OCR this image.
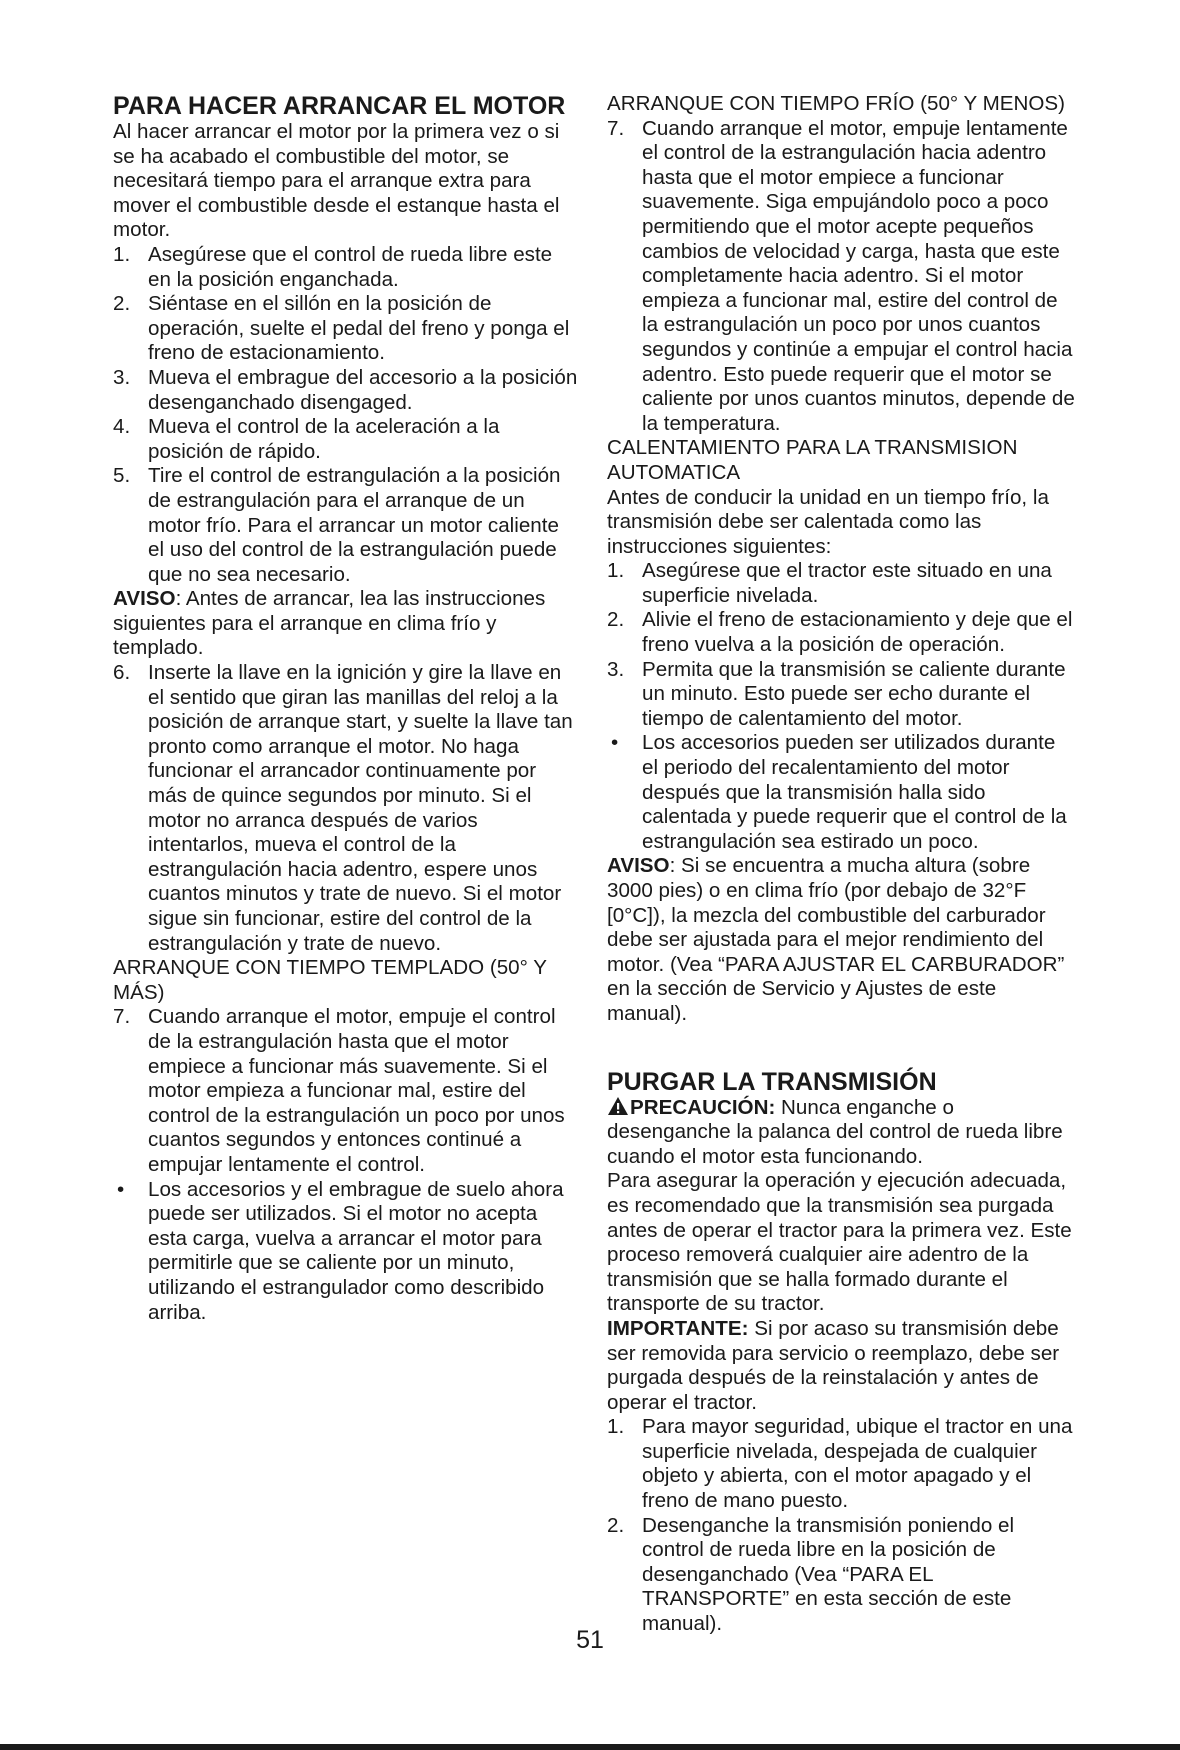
PARA HACER ARRANCAR EL MOTOR

Al hacer arrancar el motor por la primera vez o si se ha acabado el combustible del motor, se necesitará tiempo para el arranque extra para mover el combustible desde el estanque hasta el motor.

1. Asegúrese que el control de rueda libre este en la posición enganchada.
2. Siéntase en el sillón en la posición de operación, suelte el pedal del freno y ponga el freno de estacionamiento.
3. Mueva el embrague del accesorio a la posición desenganchado disengaged.
4. Mueva el control de la aceleración a la posición de rápido.
5. Tire el control de estrangulación a la posición de estrangulación para el arranque de un motor frío. Para el arrancar un motor caliente el uso del control de la estrangulación puede que no sea necesario.

AVISO: Antes de arrancar, lea las instrucciones siguientes para el arranque en clima frío y templado.

6. Inserte la llave en la ignición y gire la llave en el sentido que giran las manillas del reloj a la posición de arranque start, y suelte la llave tan pronto como arranque el motor. No haga funcionar el arrancador continuamente por más de quince segundos por minuto. Si el motor no arranca después de varios intentarlos, mueva el control de la estrangulación hacia adentro, espere unos cuantos minutos y trate de nuevo. Si el motor sigue sin funcionar, estire del control de la estrangulación y trate de nuevo.

ARRANQUE CON TIEMPO TEMPLADO (50° Y MÁS)

7. Cuando arranque el motor, empuje el control de la estrangulación hasta que el motor empiece a funcionar más suavemente. Si el motor empieza a funcionar mal, estire del control de la estrangulación un poco por unos cuantos segundos y entonces continué a empujar lentamente el control.
•	Los accesorios y el embrague de suelo ahora puede ser utilizados. Si el motor no acepta esta carga, vuelva a arrancar el motor para permitirle que se caliente por un minuto, utilizando el estrangulador como describido arriba.

ARRANQUE CON TIEMPO FRÍO (50° Y MENOS)

7. Cuando arranque el motor, empuje lentamente el control de la estrangulación hacia adentro hasta que el motor empiece a funcionar suavemente. Siga empujándolo poco a poco permitiendo que el motor acepte pequeños cambios de velocidad y carga, hasta que este completamente hacia adentro. Si el motor empieza a funcionar mal, estire del control de la estrangulación un poco por unos cuantos segundos y continúe a empujar el control hacia adentro. Esto puede requerir que el motor se caliente por unos cuantos minutos, depende de la temperatura.

CALENTAMIENTO PARA LA TRANSMISION AUTOMATICA

Antes de conducir la unidad en un tiempo frío, la transmisión debe ser calentada como las instrucciones siguientes:

1. Asegúrese que el tractor este situado en una superficie nivelada.
2. Alivie el freno de estacionamiento y deje que el freno vuelva a la posición de operación.
3. Permita que la transmisión se caliente durante un minuto. Esto puede ser echo durante el tiempo de calentamiento del motor.
•	Los accesorios pueden ser utilizados durante el periodo del recalentamiento del motor después que la transmisión halla sido calentada y puede requerir que el control de la estrangulación sea estirado un poco.

AVISO: Si se encuentra a mucha altura (sobre 3000 pies) o en clima frío (por debajo de 32°F [0°C]), la mezcla del combustible del carburador debe ser ajustada para el mejor rendimiento del motor. (Vea “PARA AJUSTAR EL CARBURADOR” en la sección de Servicio y Ajustes de este manual).

PURGAR LA TRANSMISIÓN

PRECAUCIÓN: Nunca enganche o desenganche la palanca del control de rueda libre cuando el motor esta funcionando.

Para asegurar la operación y ejecución adecuada, es recomendado que la transmisión sea purgada antes de operar el tractor para la primera vez. Este proceso removerá cualquier aire adentro de la transmisión que se halla formado durante el transporte de su tractor.

IMPORTANTE: Si por acaso su transmisión debe ser removida para servicio o reemplazo, debe ser purgada después de la reinstalación y antes de operar el tractor.

1. Para mayor seguridad, ubique el tractor en una superficie nivelada, despejada de cualquier objeto y abierta, con el motor apagado y el freno de mano puesto.
2. Desenganche la transmisión poniendo el control de rueda libre en la posición de desenganchado (Vea “PARA EL TRANSPORTE” en esta sección de este manual).
51
